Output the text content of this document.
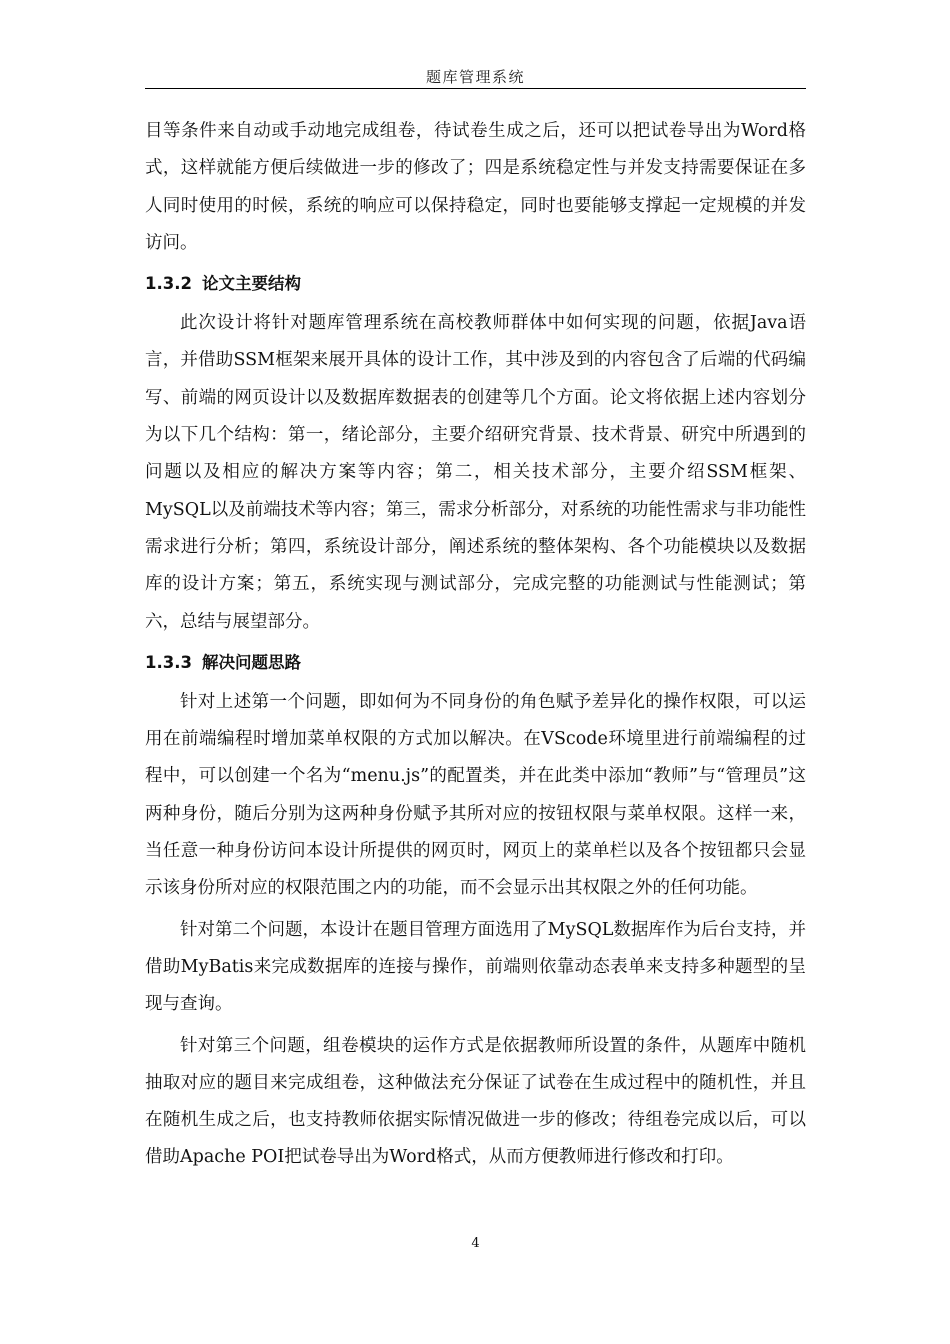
题库管理系统

目等条件来自动或手动地完成组卷，待试卷生成之后，还可以把试卷导出为Word格式，这样就能方便后续做进一步的修改了；四是系统稳定性与并发支持需要保证在多人同时使用的时候，系统的响应可以保持稳定，同时也要能够支撑起一定规模的并发访问。

1.3.2 论文主要结构

此次设计将针对题库管理系统在高校教师群体中如何实现的问题，依据Java语言，并借助SSM框架来展开具体的设计工作，其中涉及到的内容包含了后端的代码编写、前端的网页设计以及数据库数据表的创建等几个方面。论文将依据上述内容划分为以下几个结构：第一，绪论部分，主要介绍研究背景、技术背景、研究中所遇到的问题以及相应的解决方案等内容；第二，相关技术部分，主要介绍SSM框架、MySQL以及前端技术等内容；第三，需求分析部分，对系统的功能性需求与非功能性需求进行分析；第四，系统设计部分，阐述系统的整体架构、各个功能模块以及数据库的设计方案；第五，系统实现与测试部分，完成完整的功能测试与性能测试；第六，总结与展望部分。

1.3.3 解决问题思路

针对上述第一个问题，即如何为不同身份的角色赋予差异化的操作权限，可以运用在前端编程时增加菜单权限的方式加以解决。在VScode环境里进行前端编程的过程中，可以创建一个名为“menu.js”的配置类，并在此类中添加“教师”与“管理员”这两种身份，随后分别为这两种身份赋予其所对应的按钮权限与菜单权限。这样一来，当任意一种身份访问本设计所提供的网页时，网页上的菜单栏以及各个按钮都只会显示该身份所对应的权限范围之内的功能，而不会显示出其权限之外的任何功能。

针对第二个问题，本设计在题目管理方面选用了MySQL数据库作为后台支持，并借助MyBatis来完成数据库的连接与操作，前端则依靠动态表单来支持多种题型的呈现与查询。

针对第三个问题，组卷模块的运作方式是依据教师所设置的条件，从题库中随机抽取对应的题目来完成组卷，这种做法充分保证了试卷在生成过程中的随机性，并且在随机生成之后，也支持教师依据实际情况做进一步的修改；待组卷完成以后，可以借助Apache POI把试卷导出为Word格式，从而方便教师进行修改和打印。

4
